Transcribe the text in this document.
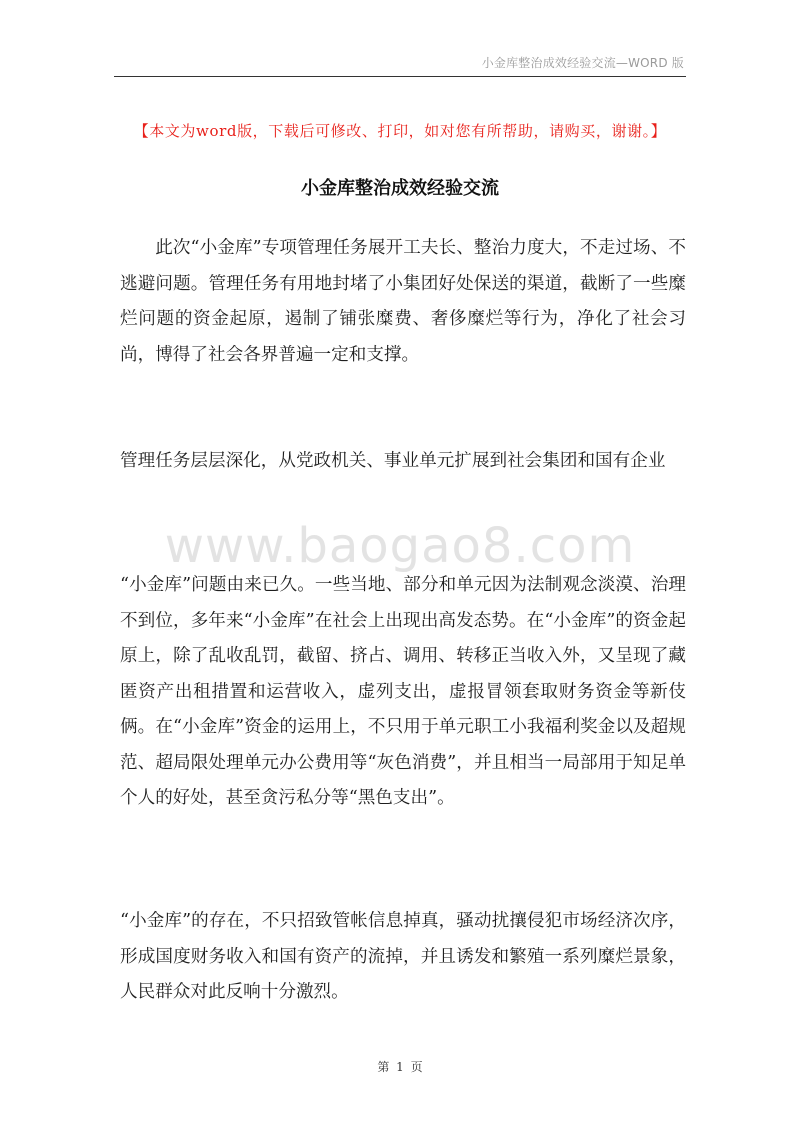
小金库整治成效经验交流—WORD 版
【本文为word版，下载后可修改、打印，如对您有所帮助，请购买，谢谢。】
小金库整治成效经验交流

此次“小金库”专项管理任务展开工夫长、整治力度大，不走过场、不逃避问题。管理任务有用地封堵了小集团好处保送的渠道，截断了一些糜烂问题的资金起原，遏制了铺张糜费、奢侈糜烂等行为，净化了社会习尚，博得了社会各界普遍一定和支撑。

管理任务层层深化，从党政机关、事业单元扩展到社会集团和国有企业

www.baogao8.com

“小金库”问题由来已久。一些当地、部分和单元因为法制观念淡漠、治理不到位，多年来“小金库”在社会上出现出高发态势。在“小金库”的资金起原上，除了乱收乱罚，截留、挤占、调用、转移正当收入外，又呈现了藏匿资产出租措置和运营收入，虚列支出，虚报冒领套取财务资金等新伎俩。在“小金库”资金的运用上，不只用于单元职工小我福利奖金以及超规范、超局限处理单元办公费用等“灰色消费”，并且相当一局部用于知足单个人的好处，甚至贪污私分等“黑色支出”。

“小金库”的存在，不只招致管帐信息掉真，骚动扰攘侵犯市场经济次序，形成国度财务收入和国有资产的流掉，并且诱发和繁殖一系列糜烂景象，人民群众对此反响十分激烈。

第 1 页
